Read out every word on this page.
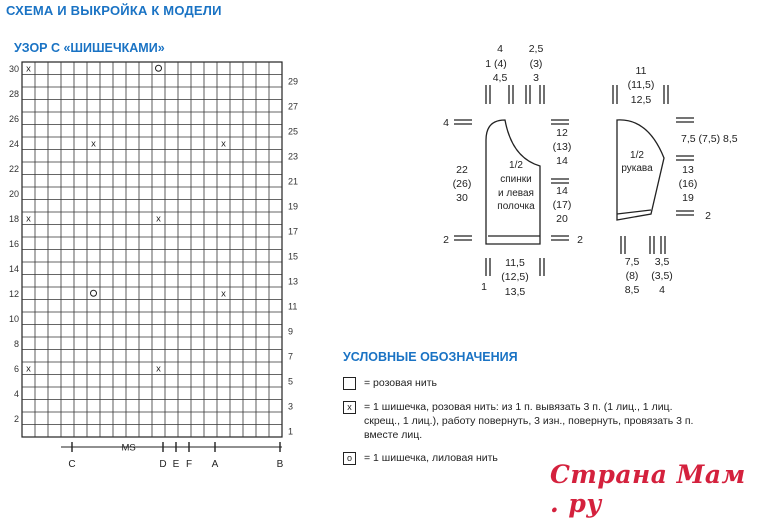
СХЕМА И ВЫКРОЙКА К МОДЕЛИ
УЗОР С «ШИШЕЧКАМИ»
2
4
6
8
10
12
14
16
18
20
22
24
26
28
30
1
3
5
7
9
11
13
15
17
19
21
23
25
27
29
x
x	x
x	x
x
x	x
C
MS
D E F A	B
4
1 (4)
4,5
2,5
(3)
3
4
22
(26)
30
2
12
(13)
14
14
(17)
20
2
1/2
спинки
и левая
полочка
11,5
(12,5)
13,5
1
11
(11,5)
12,5
7,5 (7,5) 8,5
13
(16)
19
2
1/2
рукава
7,5
(8)
8,5
3,5
(3,5)
4
УСЛОВНЫЕ ОБОЗНАЧЕНИЯ
= розовая нить
x	= 1 шишечка, розовая нить: из 1 п. вывязать 3 п. (1 лиц., 1 лиц.
скрещ., 1 лиц.), работу повернуть, 3 изн., повернуть, провязать 3 п.
вместе лиц.
o	= 1 шишечка, лиловая нить
Страна Мам . ру
